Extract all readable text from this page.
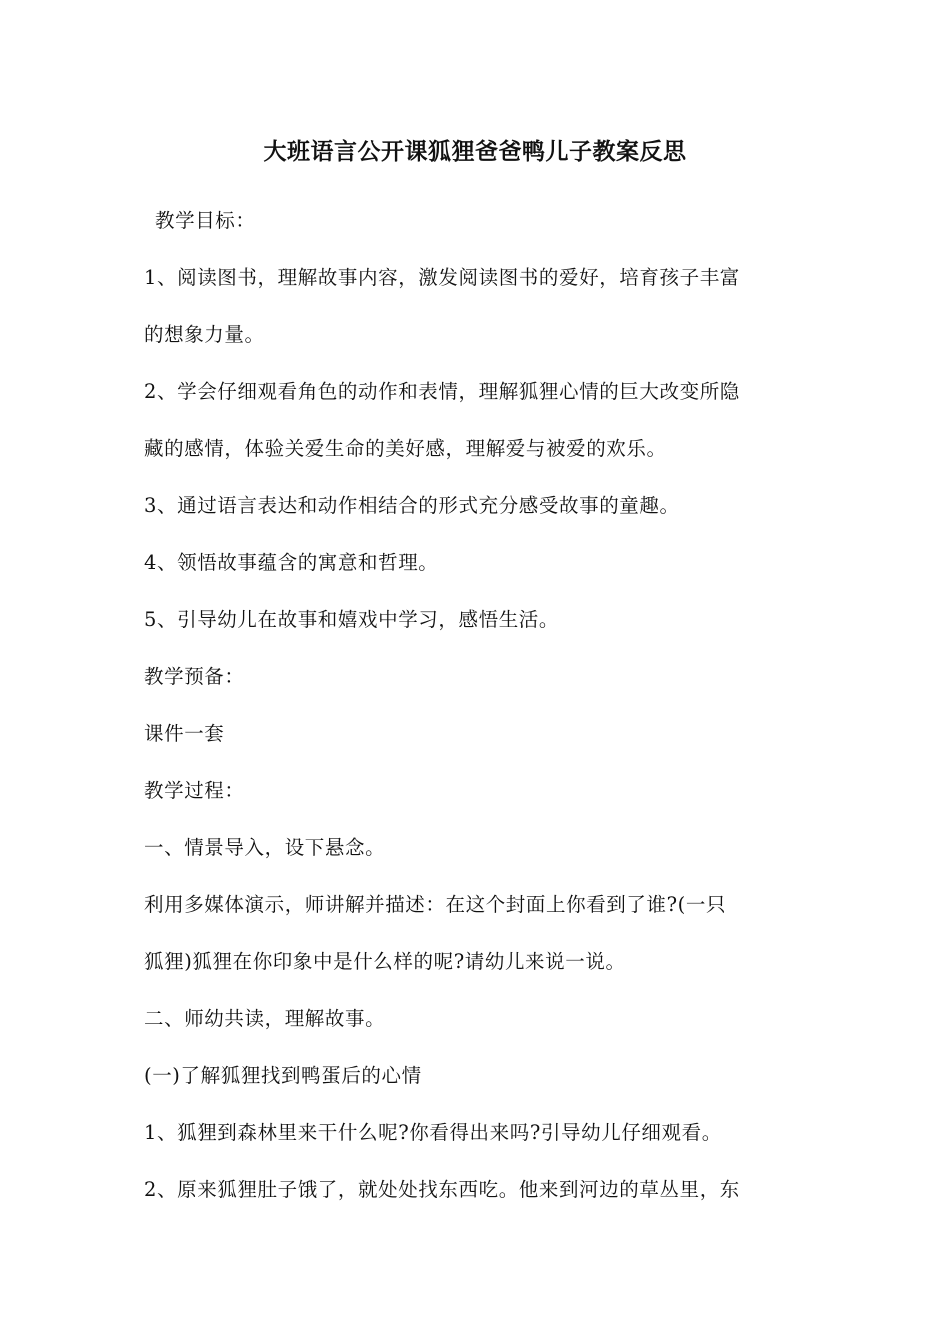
大班语言公开课狐狸爸爸鸭儿子教案反思
教学目标：
1、阅读图书，理解故事内容，激发阅读图书的爱好，培育孩子丰富
的想象力量。
2、学会仔细观看角色的动作和表情，理解狐狸心情的巨大改变所隐
藏的感情，体验关爱生命的美好感，理解爱与被爱的欢乐。
3、通过语言表达和动作相结合的形式充分感受故事的童趣。
4、领悟故事蕴含的寓意和哲理。
5、引导幼儿在故事和嬉戏中学习，感悟生活。
教学预备：
课件一套
教学过程：
一、情景导入，设下悬念。
利用多媒体演示，师讲解并描述：在这个封面上你看到了谁?(一只
狐狸)狐狸在你印象中是什么样的呢?请幼儿来说一说。
二、师幼共读，理解故事。
(一)了解狐狸找到鸭蛋后的心情
1、狐狸到森林里来干什么呢?你看得出来吗?引导幼儿仔细观看。
2、原来狐狸肚子饿了，就处处找东西吃。他来到河边的草丛里，东
